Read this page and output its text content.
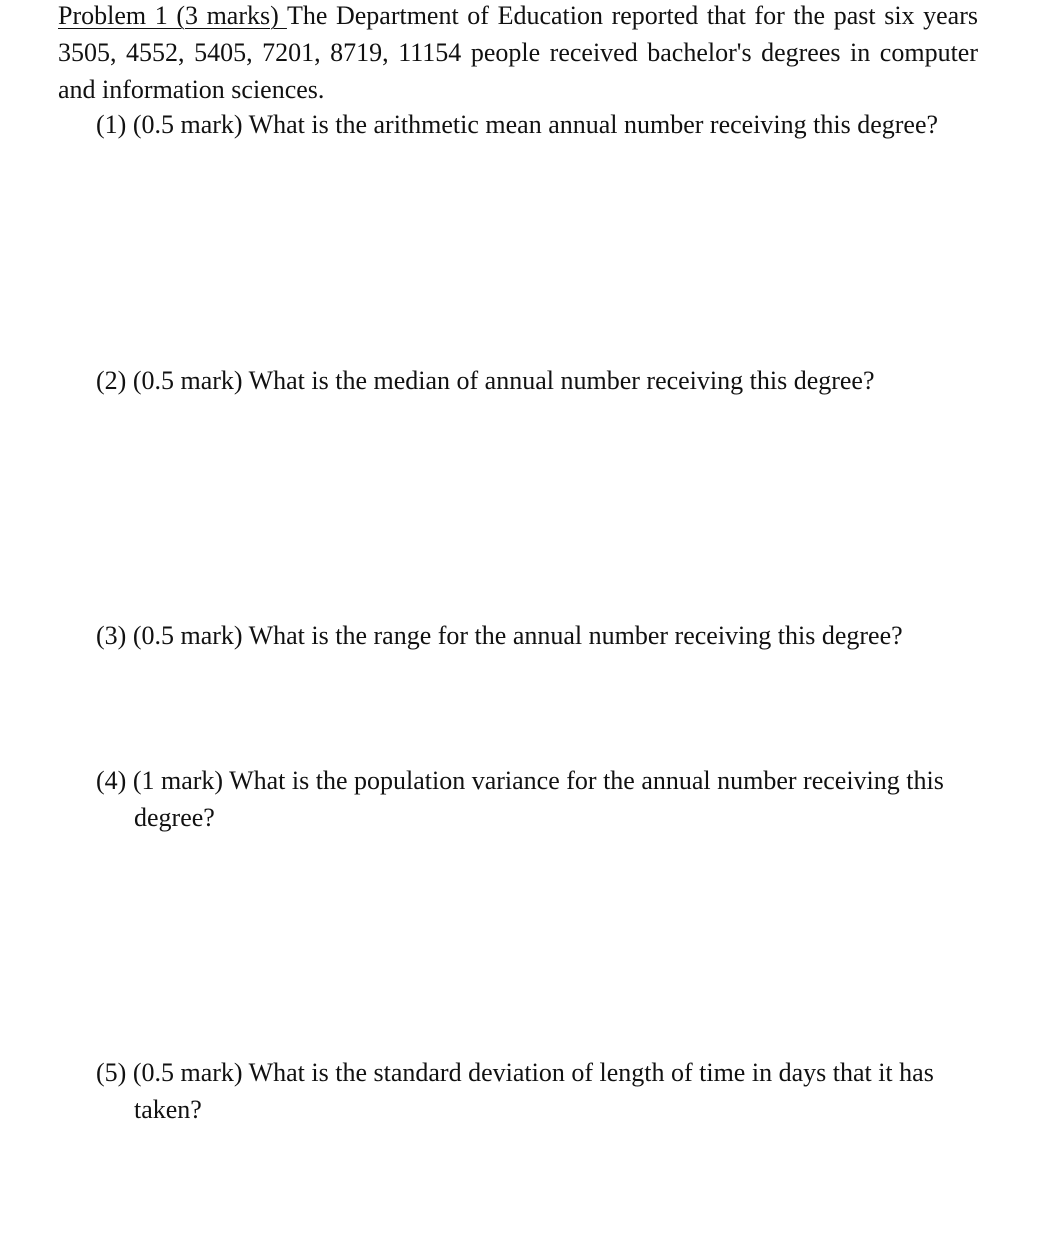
Problem 1 (3 marks) The Department of Education reported that for the past six years 3505, 4552, 5405, 7201, 8719, 11154 people received bachelor's degrees in computer and information sciences.

(1) (0.5 mark) What is the arithmetic mean annual number receiving this degree?

(2) (0.5 mark) What is the median of annual number receiving this degree?

(3) (0.5 mark) What is the range for the annual number receiving this degree?

(4) (1 mark) What is the population variance for the annual number receiving this degree?

(5) (0.5 mark) What is the standard deviation of length of time in days that it has taken?
